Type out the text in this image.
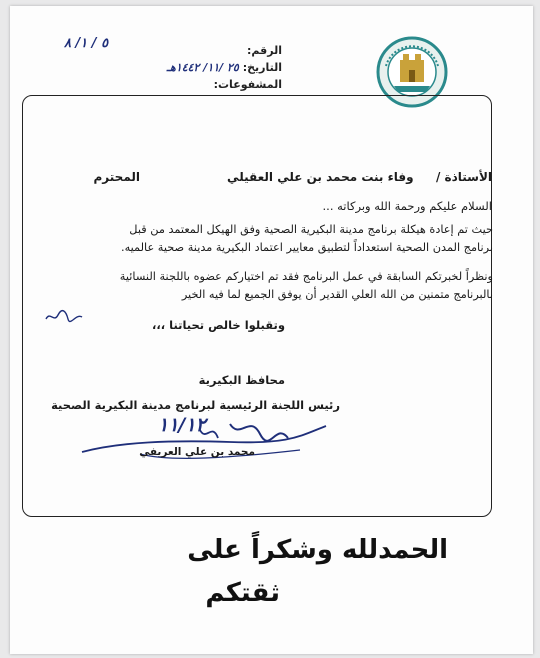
الرقم:
التاريخ: ٢٥ /١١/ ١٤٤٢هـ
المشفوعات:
٥ / ١/ ٨
الأستاذة /  وفاء بنت محمد بن علي العقيلي
المحترم
السلام عليكم ورحمة الله وبركاته ...
حيث تم إعادة هيكلة برنامج مدينة البكيرية الصحية وفق الهيكل المعتمد من قبل
برنامج المدن الصحية استعداداً لتطبيق معايير اعتماد البكيرية مدينة صحية عالميه.
ونظراً لخبرتكم السابقة في عمل البرنامج فقد تم اختياركم عضوه باللجنة النسائية
بالبرنامج متمنين من الله العلي القدير أن يوفق الجميع لما فيه الخير
وتقبلوا خالص تحياتنا ،،،
محافظ البكيرية
رئيس اللجنة الرئيسية لبرنامج مدينة البكيرية الصحية
١١/١٢
محمد بن علي العريفي
الحمدلله وشكراً على
ثقتكم
